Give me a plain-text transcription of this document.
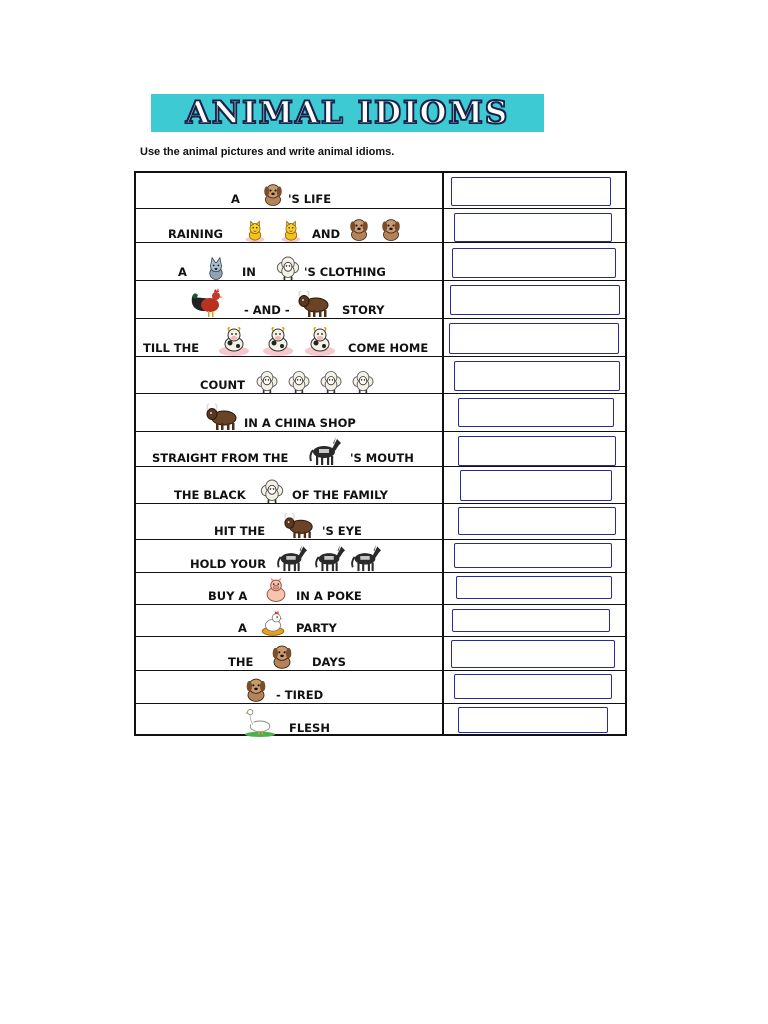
ANIMAL IDIOMS
Use the animal pictures and write animal idioms.
A	'S LIFE
RAINING	AND
A	IN	'S CLOTHING
- AND -	STORY
TILL THE	COME HOME
COUNT
IN A CHINA SHOP
STRAIGHT FROM THE	'S MOUTH
THE BLACK	OF THE FAMILY
HIT THE	'S EYE
HOLD YOUR
BUY A	IN A POKE
A	PARTY
THE	DAYS
- TIRED
FLESH
